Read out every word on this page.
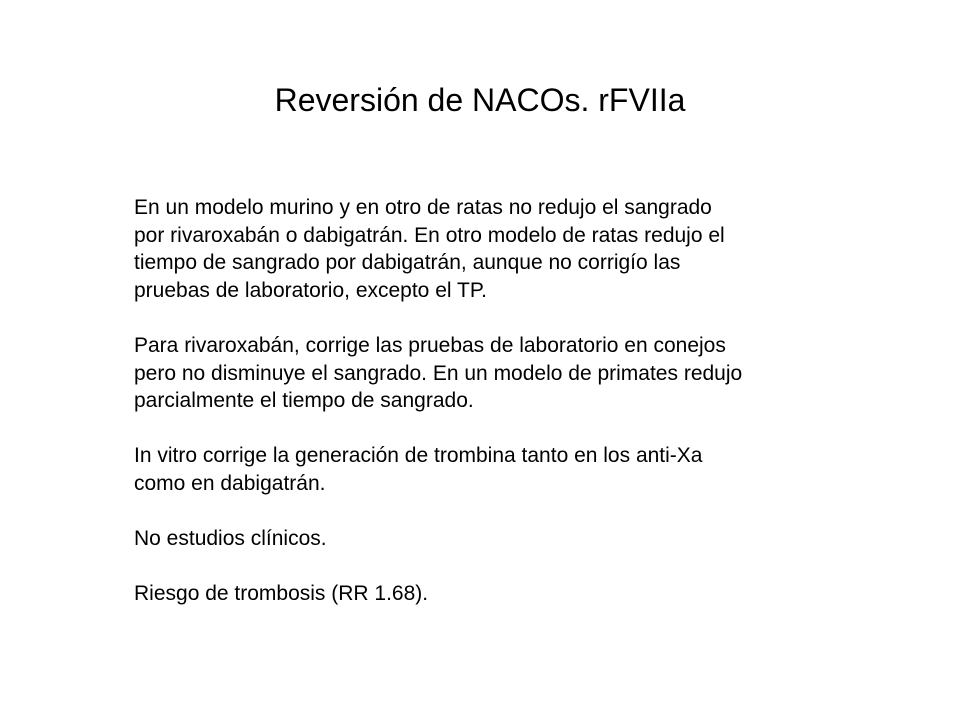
Reversión de NACOs. rFVIIa

En un modelo murino y en otro de ratas no redujo el sangrado
por rivaroxabán o dabigatrán. En otro modelo de ratas redujo el
tiempo de sangrado por dabigatrán, aunque no corrigío las
pruebas de laboratorio, excepto el TP.

Para rivaroxabán, corrige las pruebas de laboratorio en conejos
pero no disminuye el sangrado. En un modelo de primates redujo
parcialmente el tiempo de sangrado.

In vitro corrige la generación de trombina tanto en los anti-Xa
como en dabigatrán.

No estudios clínicos.

Riesgo de trombosis (RR 1.68).
